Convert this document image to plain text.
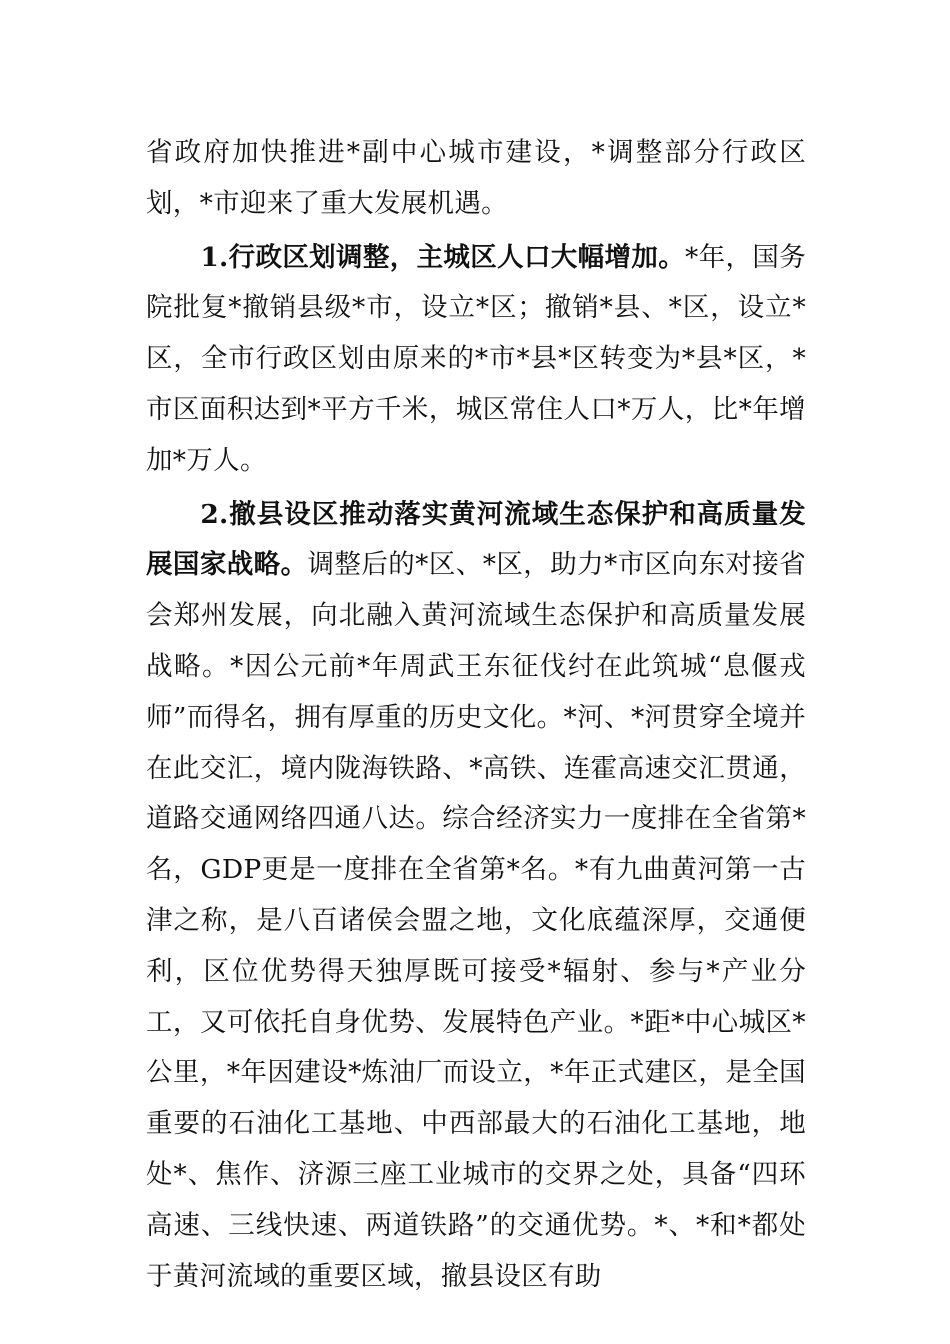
省政府加快推进*副中心城市建设，*调整部分行政区划，*市迎来了重大发展机遇。

1.行政区划调整，主城区人口大幅增加。*年，国务院批复*撤销县级*市，设立*区；撤销*县、*区，设立*区，全市行政区划由原来的*市*县*区转变为*县*区，*市区面积达到*平方千米，城区常住人口*万人，比*年增加*万人。

2.撤县设区推动落实黄河流域生态保护和高质量发展国家战略。调整后的*区、*区，助力*市区向东对接省会郑州发展，向北融入黄河流域生态保护和高质量发展战略。*因公元前*年周武王东征伐纣在此筑城“息偃戎师”而得名，拥有厚重的历史文化。*河、*河贯穿全境并在此交汇，境内陇海铁路、*高铁、连霍高速交汇贯通，道路交通网络四通八达。综合经济实力一度排在全省第*名，GDP更是一度排在全省第*名。*有九曲黄河第一古津之称，是八百诸侯会盟之地，文化底蕴深厚，交通便利，区位优势得天独厚既可接受*辐射、参与*产业分工，又可依托自身优势、发展特色产业。*距*中心城区*公里，*年因建设*炼油厂而设立，*年正式建区，是全国重要的石油化工基地、中西部最大的石油化工基地，地处*、焦作、济源三座工业城市的交界之处，具备“四环高速、三线快速、两道铁路”的交通优势。*、*和*都处于黄河流域的重要区域，撤县设区有助
